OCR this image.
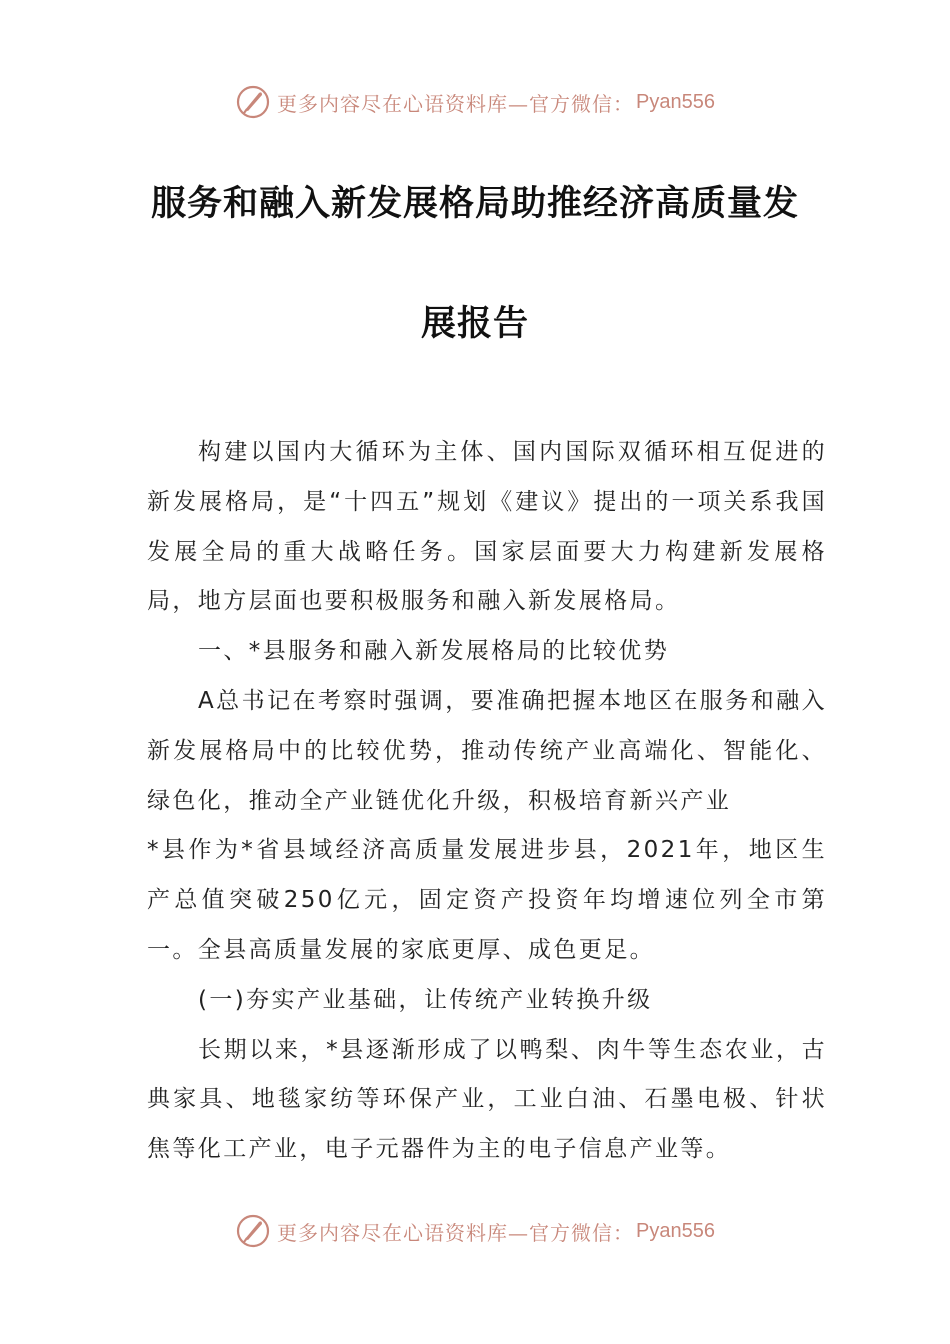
更多内容尽在心语资料库—官方微信： Pyan556
服务和融入新发展格局助推经济高质量发
展报告

构建以国内大循环为主体、国内国际双循环相互促进的新发展格局，是“十四五”规划《建议》提出的一项关系我国发展全局的重大战略任务。国家层面要大力构建新发展格局，地方层面也要积极服务和融入新发展格局。

一、*县服务和融入新发展格局的比较优势

A总书记在考察时强调，要准确把握本地区在服务和融入新发展格局中的比较优势，推动传统产业高端化、智能化、绿色化，推动全产业链优化升级，积极培育新兴产业

*县作为*省县域经济高质量发展进步县，2021年，地区生产总值突破250亿元，固定资产投资年均增速位列全市第一。全县高质量发展的家底更厚、成色更足。

(一)夯实产业基础，让传统产业转换升级

长期以来，*县逐渐形成了以鸭梨、肉牛等生态农业，古典家具、地毯家纺等环保产业，工业白油、石墨电极、针状焦等化工产业，电子元器件为主的电子信息产业等。

更多内容尽在心语资料库—官方微信： Pyan556
